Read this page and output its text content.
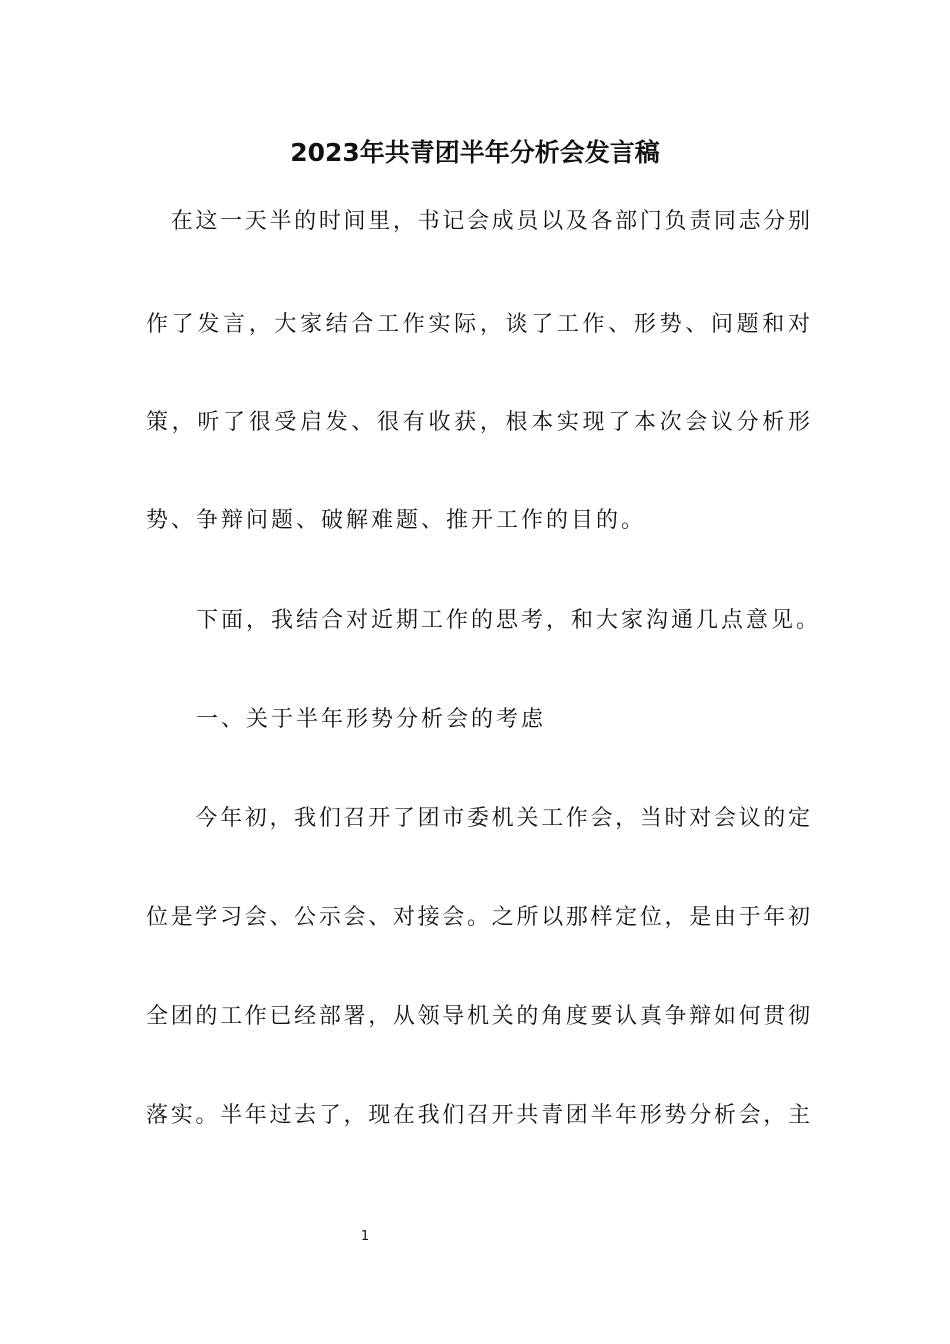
2023年共青团半年分析会发言稿
　在这一天半的时间里，书记会成员以及各部门负责同志分别
作了发言，大家结合工作实际，谈了工作、形势、问题和对
策，听了很受启发、很有收获，根本实现了本次会议分析形
势、争辩问题、破解难题、推开工作的目的。
　　下面，我结合对近期工作的思考，和大家沟通几点意见。
　　一、关于半年形势分析会的考虑
　　今年初，我们召开了团市委机关工作会，当时对会议的定
位是学习会、公示会、对接会。之所以那样定位，是由于年初
全团的工作已经部署，从领导机关的角度要认真争辩如何贯彻
落实。半年过去了，现在我们召开共青团半年形势分析会，主
1
